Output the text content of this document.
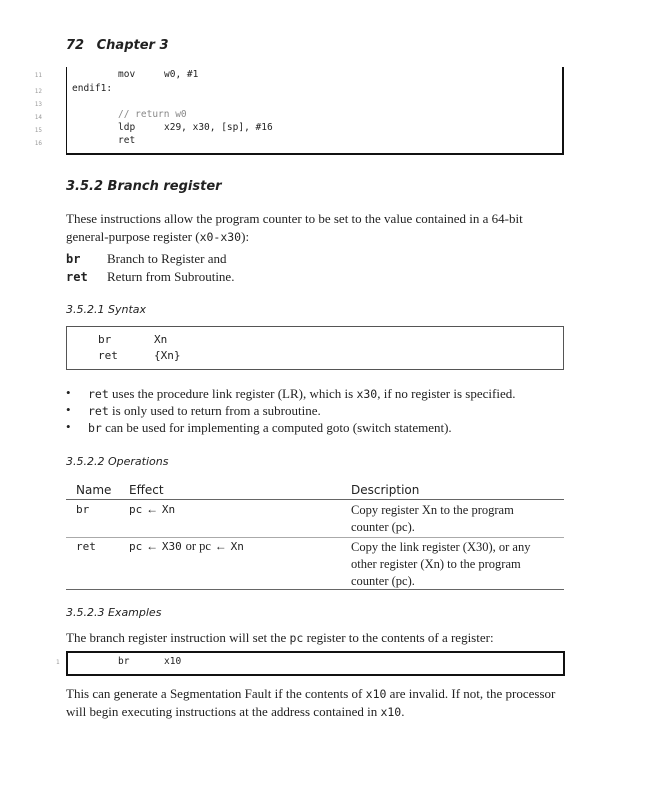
72 Chapter 3
11
12
13
14
15
16
mov	w0, #1
endif1:
// return w0
ldp	x29, x30, [sp], #16
ret
3.5.2 Branch register
These instructions allow the program counter to be set to the value contained in a 64-bit
general-purpose register (x0-x30):
br Branch to Register and
ret Return from Subroutine.
3.5.2.1 Syntax
br	Xn
ret	{Xn}
• ret uses the procedure link register (LR), which is x30, if no register is specified.
• ret is only used to return from a subroutine.
• br can be used for implementing a computed goto (switch statement).
3.5.2.2 Operations
Name Effect	Description
br	pc ← Xn	Copy register Xn to the program
counter (pc).
ret	pc ← X30 or pc ← Xn	Copy the link register (X30), or any
other register (Xn) to the program
counter (pc).
3.5.2.3 Examples
The branch register instruction will set the pc register to the contents of a register:
1	br	x10
This can generate a Segmentation Fault if the contents of x10 are invalid. If not, the processor
will begin executing instructions at the address contained in x10.
